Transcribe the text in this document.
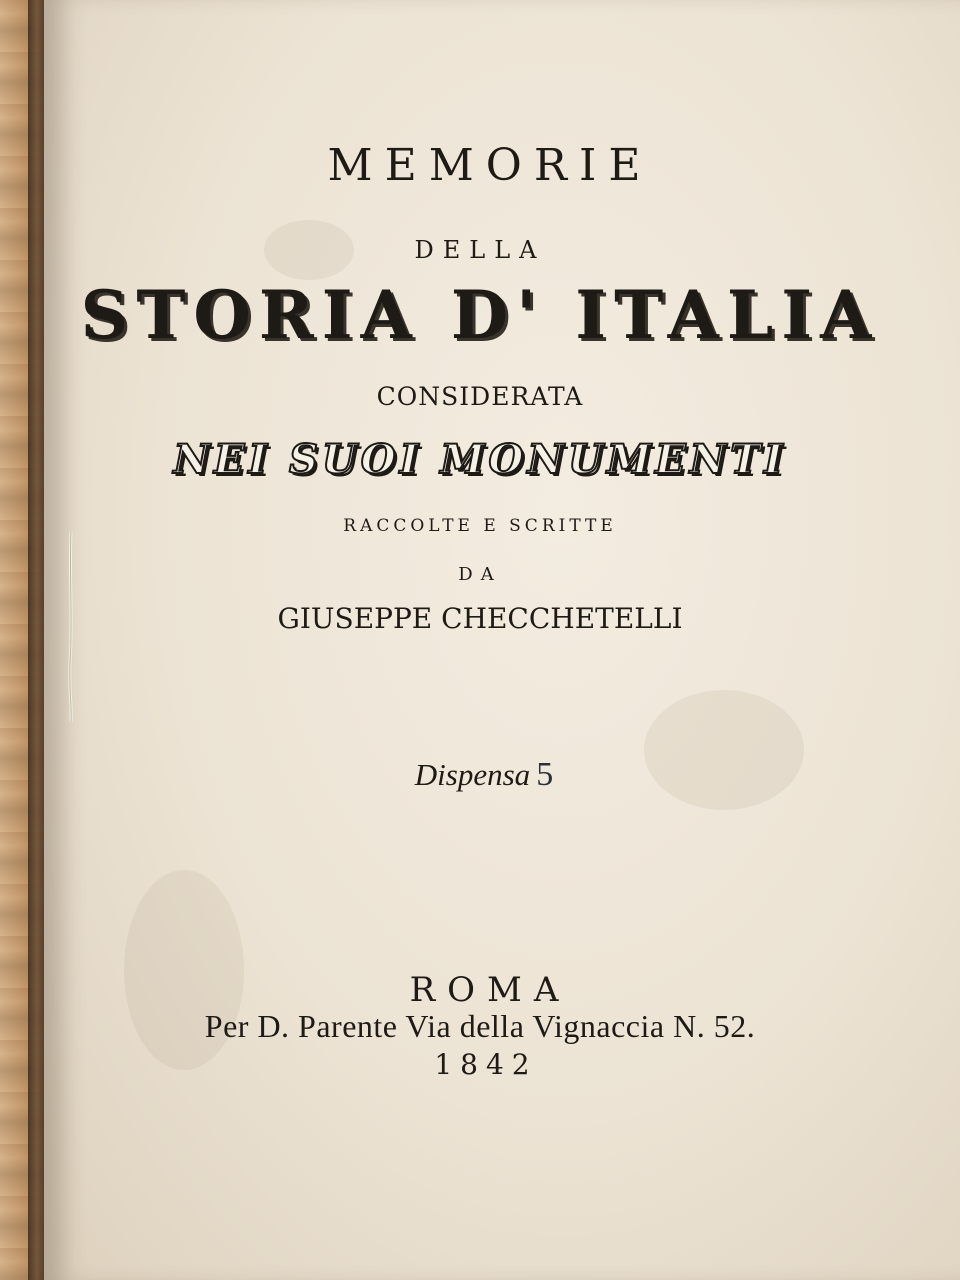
MEMORIE
DELLA
STORIA D' ITALIA
CONSIDERATA
NEI SUOI MONUMENTI
RACCOLTE E SCRITTE
DA
GIUSEPPE CHECCHETELLI
Dispensa 5
ROMA
Per D. Parente Via della Vignaccia N. 52.
1842
